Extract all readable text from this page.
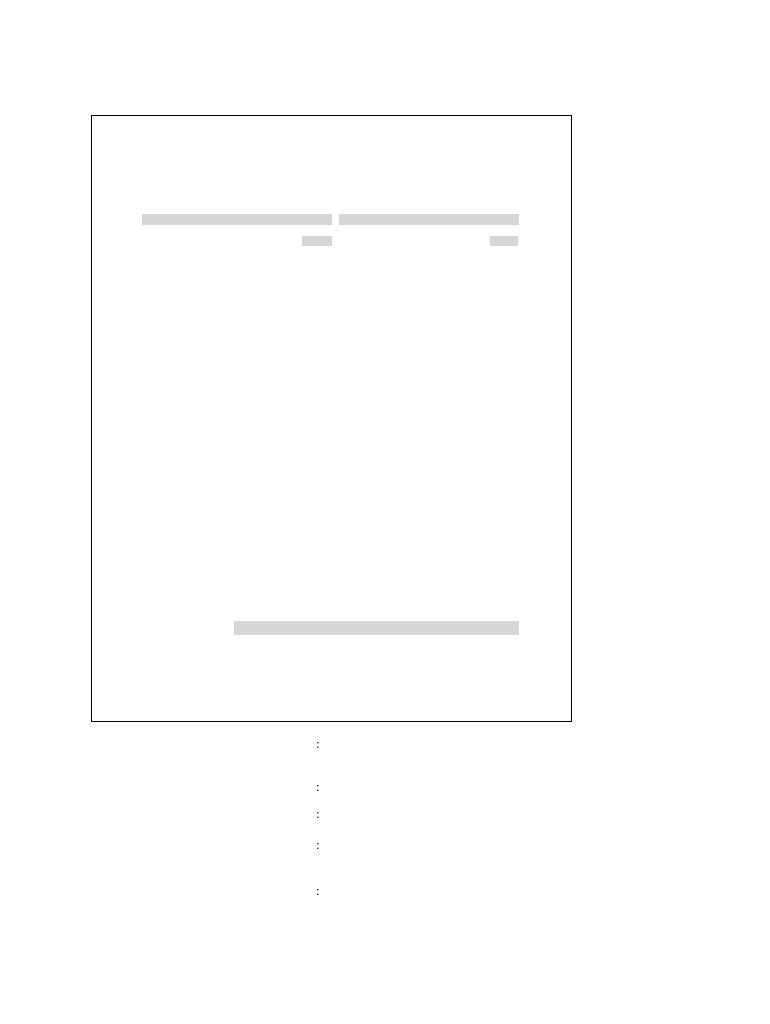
:
:
:
:
:
